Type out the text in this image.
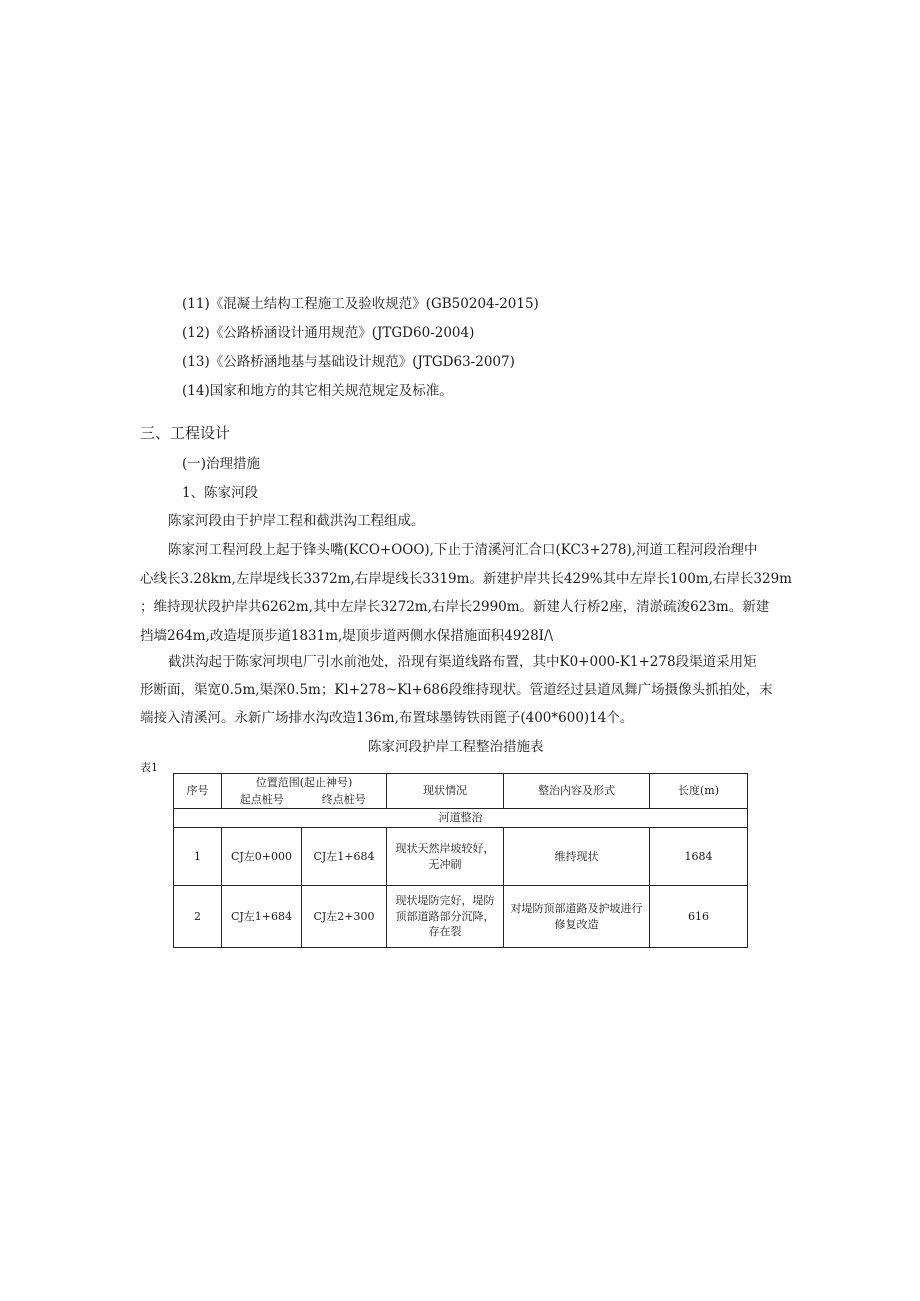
(11)《混凝土结构工程施工及验收规范》(GB50204-2015)
(12)《公路桥涵设计通用规范》(JTGD60-2004)
(13)《公路桥涵地基与基础设计规范》(JTGD63-2007)
(14)国家和地方的其它相关规范规定及标准。
三、工程设计
(一)治理措施
1、陈家河段
陈家河段由于护岸工程和截洪沟工程组成。
陈家河工程河段上起于锋头嘴(KCO+OOO),下止于清溪河汇合口(KC3+278),河道工程河段治理中
心线长3.28km,左岸堤线长3372m,右岸堤线长3319m。新建护岸共长429%其中左岸长100m,右岸长329m
；维持现状段护岸共6262m,其中左岸长3272m,右岸长2990m。新建人行桥2座，清淤疏浚623m。新建
挡墙264m,改造堤顶步道1831m,堤顶步道两侧水保措施面积4928I/\
截洪沟起于陈家河坝电厂引水前池处，沿现有渠道线路布置，其中K0+000-K1+278段渠道采用矩
形断面，渠宽0.5m,渠深0.5m；Kl+278~Kl+686段维持现状。管道经过县道凤舞广场摄像头抓拍处，末
端接入清溪河。永新广场排水沟改造136m,布置球墨铸铁雨篦子(400*600)14个。
陈家河段护岸工程整治措施表
表1
序号	位置范围(起止神号)		现状情况	整治内容及形式	长度(m)
	起点桩号	终点桩号			
河道整治					
1	CJ左0+000	CJ左1+684	现状天然岸坡较好，无冲刷	维持现状	1684
2	CJ左1+684	CJ左2+300	现状堤防完好，堤防顶部道路部分沉降，存在裂	对堤防顶部道路及护坡进行修复改造	616
